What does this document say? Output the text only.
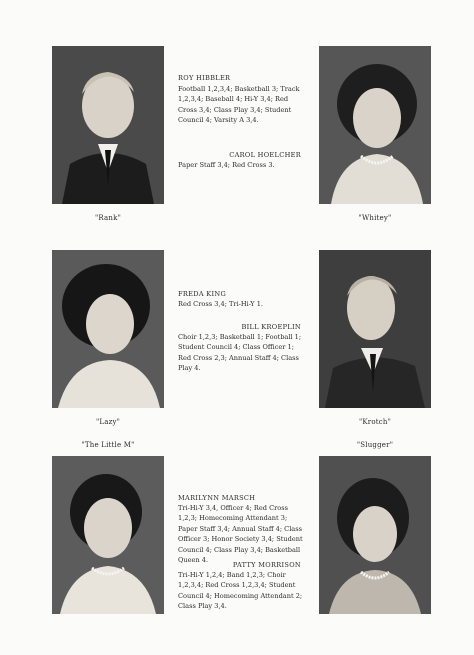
"Rank"
ROY HIBBLER
Football 1,2,3,4; Basketball 3; Track 1,2,3,4; Baseball 4; Hi-Y 3,4; Red Cross 3,4; Class Play 3,4; Student Council 4; Varsity A 3,4.
CAROL HOELCHER
Paper Staff 3,4; Red Cross 3.
"Whitey"
"Lazy"
FREDA KING
Red Cross 3,4; Tri-Hi-Y 1.
BILL KROEPLIN
Choir 1,2,3; Basketball 1; Football 1; Student Council 4; Class Officer 1; Red Cross 2,3; Annual Staff 4; Class Play 4.
"Krotch"
"The Little M"
MARILYNN MARSCH
Tri-Hi-Y 3,4, Officer 4; Red Cross 1,2,3; Homecoming Attendant 3; Paper Staff 3,4; Annual Staff 4; Class Officer 3; Honor Society 3,4; Student Council 4; Class Play 3,4; Basketball Queen 4.
PATTY MORRISON
Tri-Hi-Y 1,2,4; Band 1,2,3; Choir 1,2,3,4; Red Cross 1,2,3,4; Student Council 4; Homecoming Attendant 2; Class Play 3,4.
"Slugger"
